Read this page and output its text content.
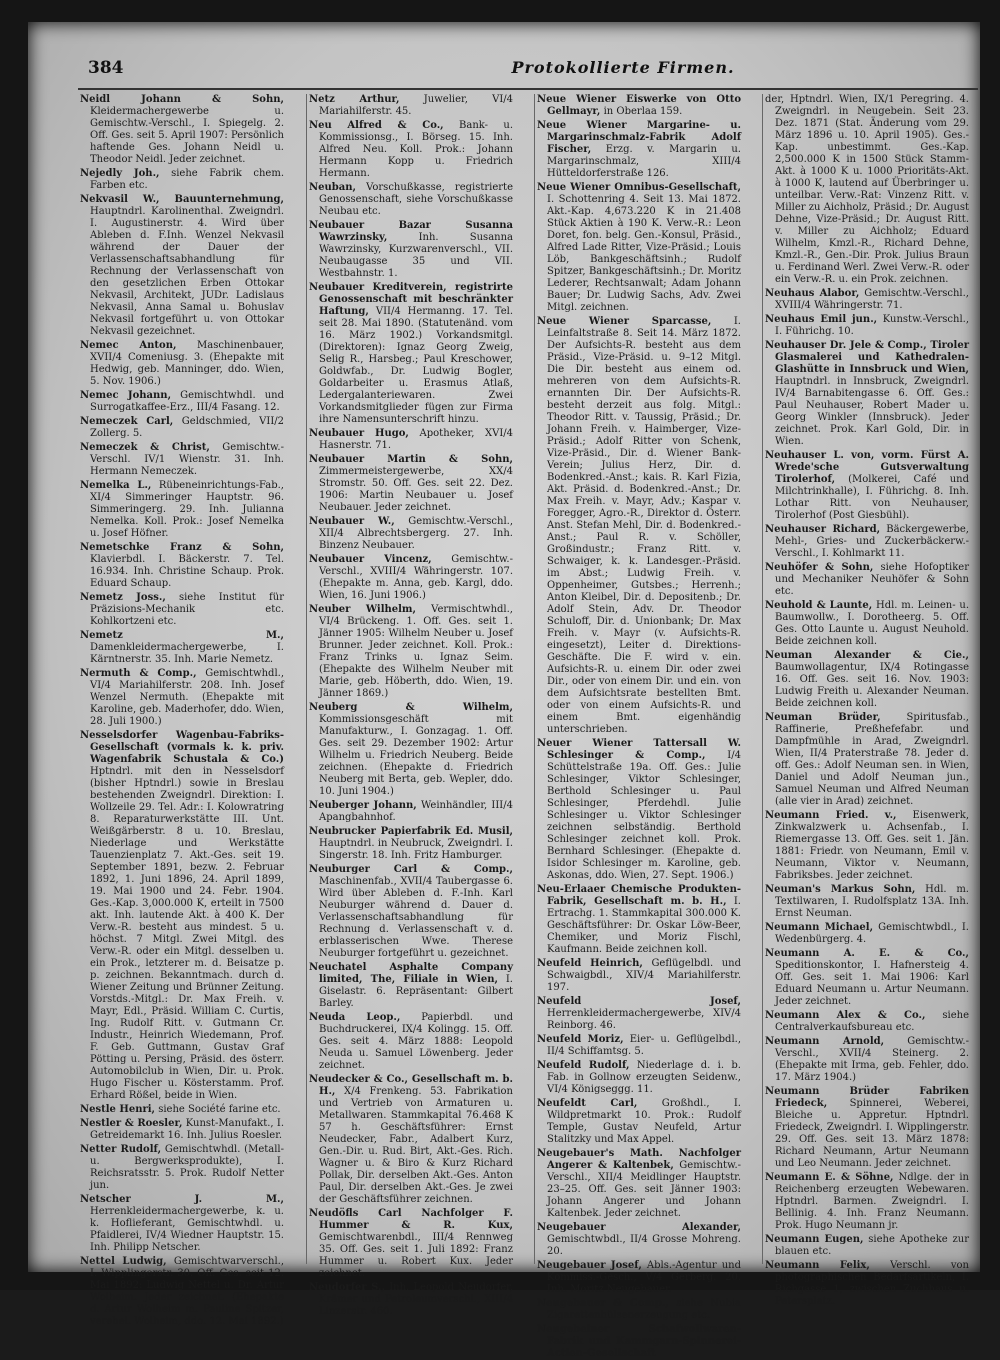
384	Protokollierte Firmen.

Neidl Johann & Sohn, Kleidermachergewerbe u. Gemischtw.-Verschl., I. Spiegelg. 2. Off. Ges. seit 5. April 1907: Persönlich haftende Ges. Johann Neidl u. Theodor Neidl. Jeder zeichnet.

Nejedly Joh., siehe Fabrik chem. Farben etc.

Nekvasil W., Bauunternehmung, Hauptndrl. Karolinenthal. Zweigndrl. I. Augustinerstr. 4. Wird über Ableben d. F.Inh. Wenzel Nekvasil während der Dauer der Verlassenschaftsabhandlung für Rechnung der Verlassenschaft von den gesetzlichen Erben Ottokar Nekvasil, Architekt, JUDr. Ladislaus Nekvasil, Anna Samal u. Bohuslav Nekvasil fortgeführt u. von Ottokar Nekvasil gezeichnet.

Nemec Anton, Maschinenbauer, XVII/4 Comeniusg. 3. (Ehepakte mit Hedwig, geb. Manninger, ddo. Wien, 5. Nov. 1906.)

Nemec Johann, Gemischtwhdl. und Surrogatkaffee-Erz., III/4 Fasang. 12.

Nemeczek Carl, Geldschmied, VII/2 Zollerg. 5.

Nemeczek & Christ, Gemischtw.-Verschl. IV/1 Wienstr. 31. Inh. Hermann Nemeczek.

Nemelka L., Rübeneinrichtungs-Fab., XI/4 Simmeringer Hauptstr. 96. Simmeringerg. 29. Inh. Julianna Nemelka. Koll. Prok.: Josef Nemelka u. Josef Höfner.

Nemetschke Franz & Sohn, Klavierbdl. I. Bäckerstr. 7. Tel. 16.934. Inh. Christine Schaup. Prok. Eduard Schaup.

Nemetz Joss., siehe Institut für Präzisions-Mechanik etc. Kohlkortzeni etc.

Nemetz M., Damenkleidermachergewerbe, I. Kärntnerstr. 35. Inh. Marie Nemetz.

Nermuth & Comp., Gemischtwhdl., VI/4 Mariahilferstr. 208. Inh. Josef Wenzel Nermuth. (Ehepakte mit Karoline, geb. Maderhofer, ddo. Wien, 28. Juli 1900.)

Nesselsdorfer Wagenbau-Fabriks-Gesellschaft (vormals k. k. priv. Wagenfabrik Schustala & Co.) Hptndrl. mit den in Nesselsdorf (bisher Hptndrl.) sowie in Breslau bestehenden Zweigndrl. Direktion: I. Wollzeile 29. Tel. Adr.: I. Kolowratring 8. Reparaturwerkstätte III. Unt. Weißgärberstr. 8 u. 10. Breslau, Niederlage und Werkstätte Tauenzienplatz 7. Akt.-Ges. seit 19. September 1891, bezw. 2. Februar 1892, 1. Juni 1896, 24. April 1899, 19. Mai 1900 und 24. Febr. 1904. Ges.-Kap. 3,000.000 K, erteilt in 7500 akt. Inh. lautende Akt. à 400 K. Der Verw.-R. besteht aus mindest. 5 u. höchst. 7 Mitgl. Zwei Mitgl. des Verw.-R. oder ein Mitgl. desselben u. ein Prok., letzterer m. d. Beisatze p. p. zeichnen. Bekanntmach. durch d. Wiener Zeitung und Brünner Zeitung. Vorstds.-Mitgl.: Dr. Max Freih. v. Mayr, Edl., Präsid. William C. Curtis, Ing. Rudolf Ritt. v. Gutmann Cr. Industr., Heinrich Wiedemann, Prof. F. Geb. Guttmann, Gustav Graf Pötting u. Persing, Präsid. des österr. Automobilclub in Wien, Dir. u. Prok. Hugo Fischer u. Kösterstamm. Prof. Erhard Rößel, beide in Wien.

Nestle Henri, siehe Société farine etc.

Nestler & Roesler, Kunst-Manufakt., I. Getreidemarkt 16. Inh. Julius Roesler.

Netter Rudolf, Gemischtwhdl. (Metall- u. Bergwerksprodukte), I. Reichsratsstr. 5. Prok. Rudolf Netter jun.

Netscher J. M., Herrenkleidermachergewerbe, k. u. k. Hoflieferant, Gemischtwhdl. u. Pfaidlerei, IV/4 Wiedner Hauptstr. 15. Inh. Philipp Netscher.

Nettel Ludwig, Gemischtwarverschl., I. Wipplingerstr. 30. Off. Ges. seit 12. Mai 1892: Ludwig Nettel u. Dr. Artur Wolheim. Jeder zeichnet. (Ehepakte d. Artur Wolheim m. Pauline Spitzer, verehel. Wolheim, ddo. 12. Mai 1892.)

Netz Arthur, Juwelier, VI/4 Mariahilferstr. 45.

Neu Alfred & Co., Bank- u. Kommissionsg., I. Börseg. 15. Inh. Alfred Neu. Koll. Prok.: Johann Hermann Kopp u. Friedrich Hermann.

Neuban, Vorschußkasse, registrierte Genossenschaft, siehe Vorschußkasse Neubau etc.

Neubauer Bazar Susanna Wawrzinsky,	Inh. Susanna Wawrzinsky, Kurzwarenverschl., VII. Neubaugasse 35 und VII. Westbahnstr. 1.

Neubauer Kreditverein, registrirte Genossenschaft mit beschränkter Haftung, VII/4 Hermanng. 17. Tel. seit 28. Mai 1890. (Statutenänd. vom 16. März 1902.) Vorkandsmitgl. (Direktoren): Ignaz Georg Zweig, Selig R., Harsbeg.; Paul Kreschower, Goldwfab., Dr. Ludwig Bogler, Goldarbeiter u. Erasmus Atlaß, Ledergalanteriewaren. Zwei Vorkandsmitglieder fügen zur Firma ihre Namensunterschrift hinzu.

Neubauer Hugo, Apotheker, XVI/4 Hasnerstr. 71.

Neubauer Martin & Sohn, Zimmermeistergewerbe, XX/4 Stromstr. 50. Off. Ges. seit 22. Dez. 1906: Martin Neubauer u. Josef Neubauer. Jeder zeichnet.

Neubauer W., Gemischtw.-Verschl., XII/4 Albrechtsbergerg. 27. Inh. Binzenz Neubauer.

Neubauer Vincenz, Gemischtw.-Verschl., XVIII/4 Währingerstr. 107. (Ehepakte m. Anna, geb. Kargl, ddo. Wien, 16. Juni 1906.)

Neuber Wilhelm, Vermischtwhdl., VI/4 Brückeng. 1. Off. Ges. seit 1. Jänner 1905: Wilhelm Neuber u. Josef Brunner. Jeder zeichnet. Koll. Prok.: Franz Trinks u. Ignaz Seim. (Ehepakte des Wilhelm Neuber mit Marie, geb. Höberth, ddo. Wien, 19. Jänner 1869.)

Neuberg & Wilhelm, Kommissionsgeschäft mit Manufakturw., I. Gonzagag. 1. Off. Ges. seit 29. Dezember 1902: Artur Wilhelm u. Friedrich Neuberg. Beide zeichnen. (Ehepakte d. Friedrich Neuberg mit Berta, geb. Wepler, ddo. 10. Juni 1904.)

Neuberger Johann, Weinhändler, III/4 Apangbahnhof.

Neubrucker Papierfabrik Ed. Musil, Hauptndrl. in Neubruck, Zweigndrl. I. Singerstr. 18. Inh. Fritz Hamburger.

Neuburger Carl & Comp., Maschinenfab., XVII/4 Taubergasse 6. Wird über Ableben d. F.-Inh. Karl Neuburger während d. Dauer d. Verlassenschaftsabhandlung für Rechnung d. Verlassenschaft v. d. erblasserischen Wwe. Therese Neuburger fortgeführt u. gezeichnet.

Neuchatel Asphalte Company limited, The, Filiale in Wien, I. Giselastr. 6. Repräsentant: Gilbert Barley.

Neuda Leop., Papierbdl. und Buchdruckerei, IX/4 Kolingg. 15. Off. Ges. seit 4. März 1888: Leopold Neuda u. Samuel Löwenberg. Jeder zeichnet.

Neudecker & Co., Gesellschaft m. b. H., X/4 Frenkeng. 53. Fabrikation und Vertrieb von Armaturen u. Metallwaren. Stammkapital 76.468 K 57 h. Geschäftsführer: Ernst Neudecker, Fabr., Adalbert Kurz, Gen.-Dir. u. Rud. Birt, Akt.-Ges. Rich. Wagner u. & Biro & Kurz Richard Pollak, Dir. derselben Akt.-Ges. Anton Paul, Dir. derselben Akt.-Ges. Je zwei der Geschäftsführer zeichnen.

Neudöfls Carl Nachfolger F. Hummer & R. Kux, Gemischtwarenbdl., III/4 Rennweg 35. Off. Ges. seit 1. Juli 1892: Franz Hummer u. Robert Kux. Jeder zeichnet.

Neudorfer S., Inh. Leopold Neudorfer, Krämer und Petroleumverschl., XIII/4 Linzerstr. 460.

Neue Wiener Eiswerke von Otto Gellmayr, in Oberlaa 159.

Neue Wiener Margarine- u. Margarinschmalz-Fabrik Adolf Fischer, Erzg. v. Margarin u. Margarinschmalz, XIII/4 Hütteldorferstraße 126.

Neue Wiener Omnibus-Gesellschaft, I. Schottenring 4. Seit 13. Mai 1872. Akt.-Kap. 4,673.220 K in 21.408 Stück Aktien à 190 K. Verw.-R.: Leon Doret, fon. belg. Gen.-Konsul, Präsid., Alfred Lade Ritter, Vize-Präsid.; Louis Löb, Bankgeschäftsinh.; Rudolf Spitzer, Bankgeschäftsinh.; Dr. Moritz Lederer, Rechtsanwalt; Adam Johann Bauer; Dr. Ludwig Sachs, Adv. Zwei Mitgl. zeichnen.

Neue Wiener Sparcasse, I. Leinfaltstraße 8. Seit 14. März 1872. Der Aufsichts-R. besteht aus dem Präsid., Vize-Präsid. u. 9–12 Mitgl. Die Dir. besteht aus einem od. mehreren von dem Aufsichts-R. ernannten Dir. Der Aufsichts-R. besteht derzeit aus folg. Mitgl.: Theodor Ritt. v. Taussig, Präsid.; Dr. Johann Freih. v. Haimberger, Vize-Präsid.; Adolf Ritter von Schenk, Vize-Präsid., Dir. d. Wiener Bank-Verein; Julius Herz, Dir. d. Bodenkred.-Anst.; kais. R. Karl Fizia, Akt. Präsid. d. Bodenkred.-Anst.; Dr. Max Freih. v. Mayr, Adv.; Kaspar v. Foregger, Agro.-R., Direktor d. Österr. Anst. Stefan Mehl, Dir. d. Bodenkred.-Anst.; Paul R. v. Schöller, Großindustr.; Franz Ritt. v. Schwaiger, k. k. Landesger.-Präsid. im Abst.; Ludwig Freih. v. Oppenheimer, Gutsbes.; Herrenh.; Anton Kleibel, Dir. d. Depositenb.; Dr. Adolf Stein, Adv. Dr. Theodor Schuloff, Dir. d. Unionbank; Dr. Max Freih. v. Mayr (v. Aufsichts-R. eingesetzt), Leiter d. Direktions-Geschäfte. Die F. wird v. ein. Aufsichts-R. u. einem Dir. oder zwei Dir., oder von einem Dir. und ein. von dem Aufsichtsrate bestellten Bmt. oder von einem Aufsichts-R. und einem Bmt. eigenhändig unterschrieben.

Neuer Wiener Tattersall W. Schlesinger & Comp., I/4 Schüttelstraße 19a. Off. Ges.: Julie Schlesinger, Viktor Schlesinger, Berthold Schlesinger u. Paul Schlesinger, Pferdehdl. Julie Schlesinger u. Viktor Schlesinger zeichnen selbständig. Berthold Schlesinger zeichnet koll. Prok. Bernhard Schlesinger. (Ehepakte d. Isidor Schlesinger m. Karoline, geb. Askonas, ddo. Wien, 27. Sept. 1906.)

Neu-Erlaaer Chemische Produkten-Fabrik, Gesellschaft m. b. H., I. Ertrachg. 1. Stammkapital 300.000 K. Geschäftsführer: Dr. Oskar Löw-Beer, Chemiker, und Moriz Fischl, Kaufmann. Beide zeichnen koll.

Neufeld Heinrich, Geflügelbdl. und Schwaigbdl., XIV/4 Mariahilferstr. 197.

Neufeld Josef, Herrenkleidermachergewerbe, XIV/4 Reinborg. 46.

Neufeld Moriz, Eier- u. Geflügelbdl., II/4 Schiffamtsg. 5.

Neufeld Rudolf, Niederlage d. i. b. Fab. in Gollnow erzeugten Seidenw., VI/4 Königseggg. 11.

Neufeldt Carl, Großhdl., I. Wildpretmarkt 10. Prok.: Rudolf Temple, Gustav Neufeld, Artur Stalitzky und Max Appel.

Neugebauer's Math. Nachfolger Angerer & Kaltenbek, Gemischtw.-Verschl., XII/4 Meidlinger Hauptstr. 23–25. Off. Ges. seit Jänner 1903: Johann Angerer und Johann Kaltenbek. Jeder zeichnet.

Neugebauer Alexander, Gemischtwbdl., II/4 Grosse Mohreng. 20.

Neugebauer Josef, Abls.-Agentur und Kommiss.-Gesch., V/4 Gerberg. 20. Inh. Moritz Neugebauer.

Neugebauer & Comp., siehe Nubia Zigarettenhülsenerzeugung etc.

Neugebeiner Schafwollwaren-Fabrik und Kammgarn-Spinnerei-Actien-Gesellschaft

der, Hptndrl. Wien, IX/1 Peregring. 4. Zweigndrl. in Neugebein. Seit 23. Dez. 1871 (Stat. Änderung vom 29. März 1896 u. 10. April 1905). Ges.-Kap. unbestimmt. Ges.-Kap. 2,500.000 K in 1500 Stück Stamm-Akt. à 1000 K u. 1000 Prioritäts-Akt. à 1000 K, lautend auf Überbringer u. unteilbar. Verw.-Rat: Vinzenz Ritt. v. Miller zu Aichholz, Präsid.; Dr. August Dehne, Vize-Präsid.; Dr. August Ritt. v. Miller zu Aichholz; Eduard Wilhelm, Kmzl.-R., Richard Dehne, Kmzl.-R., Gen.-Dir. Prok. Julius Braun u. Ferdinand Werl. Zwei Verw.-R. oder ein Verw.-R. u. ein Prok. zeichnen.

Neuhaus Alabor, Gemischtw.-Verschl., XVIII/4 Währingerstr. 71.

Neuhaus Emil jun., Kunstw.-Verschl., I. Führichg. 10.

Neuhauser Dr. Jele & Comp., Tiroler Glasmalerei und Kathedralen-Glashütte in Innsbruck und Wien, Hauptndrl. in Innsbruck, Zweigndrl. IV/4 Barnabitengasse 6. Off. Ges.: Paul Neuhauser, Robert Mader u. Georg Winkler (Innsbruck). Jeder zeichnet. Prok. Karl Gold, Dir. in Wien.

Neuhauser L. von, vorm. Fürst A. Wrede'sche Gutsverwaltung Tirolerhof, (Molkerei, Café und Milchtrinkhalle), I. Führichg. 8. Inh. Lothar Ritt. von Neuhauser, Tirolerhof (Post Giesbühl).

Neuhauser Richard, Bäckergewerbe, Mehl-, Gries- und Zuckerbäckerw.-Verschl., I. Kohlmarkt 11.

Neuhöfer & Sohn, siehe Hofoptiker und Mechaniker Neuhöfer & Sohn etc.

Neuhold & Launte, Hdl. m. Leinen- u. Baumwollw., I. Dorotheerg. 5. Off. Ges. Otto Launte u. August Neuhold. Beide zeichnen koll.

Neuman Alexander & Cie., Baumwollagentur, IX/4 Rotingasse 16. Off. Ges. seit 16. Nov. 1903: Ludwig Freith u. Alexander Neuman. Beide zeichnen koll.

Neuman Brüder,	Spiritusfab., Raffinerie, Preßhefefabr. und Dampfmühle in Arad, Zweigndrl. Wien, II/4 Praterstraße 78. Jeder d. off. Ges.: Adolf Neuman sen. in Wien, Daniel und Adolf Neuman jun., Samuel Neuman und Alfred Neuman (alle vier in Arad) zeichnet.

Neumann Fried. v., Eisenwerk, Zinkwalzwerk u. Achsenfab., I. Riemergasse 13. Off. Ges. seit 1. Jän. 1881: Friedr. von Neumann, Emil v. Neumann, Viktor v. Neumann, Fabriksbes. Jeder zeichnet.

Neuman's Markus Sohn, Hdl. m. Textilwaren, I. Rudolfsplatz 13A. Inh. Ernst Neuman.

Neumann Michael, Gemischtwbdl., I. Wedenbürgerg. 4.

Neumann A. E. & Co., Speditionskontor, I. Hafnersteig 4. Off. Ges. seit 1. Mai 1906: Karl Eduard Neumann u. Artur Neumann. Jeder zeichnet.

Neumann Alex & Co., siehe Centralverkaufsbureau etc.

Neumann Arnold, Gemischtw.-Verschl., XVII/4 Steinerg. 2. (Ehepakte mit Irma, geb. Fehler, ddo. 17. März 1904.)

Neumann Brüder Fabriken Friedeck, Spinnerei, Weberei, Bleiche u. Appretur. Hptndrl. Friedeck, Zweigndrl. I. Wipplingerstr. 29. Off. Ges. seit 13. März 1878: Richard Neumann, Artur Neumann und Leo Neumann. Jeder zeichnet.

Neumann E. & Söhne, Ndlge. der in Reichenberg erzeugten Webewaren. Hptndrl. Barmen. Zweigndrl. I. Bellinig. 4. Inh. Franz Neumann. Prok. Hugo Neumann jr.

Neumann Eugen, siehe Apotheke zur blauen etc.

Neumann Felix, Verschl. von photographischen Bedarfsartikeln, I. Richgasse 1, zwischen Zuchhaus u. Petersplatz.
